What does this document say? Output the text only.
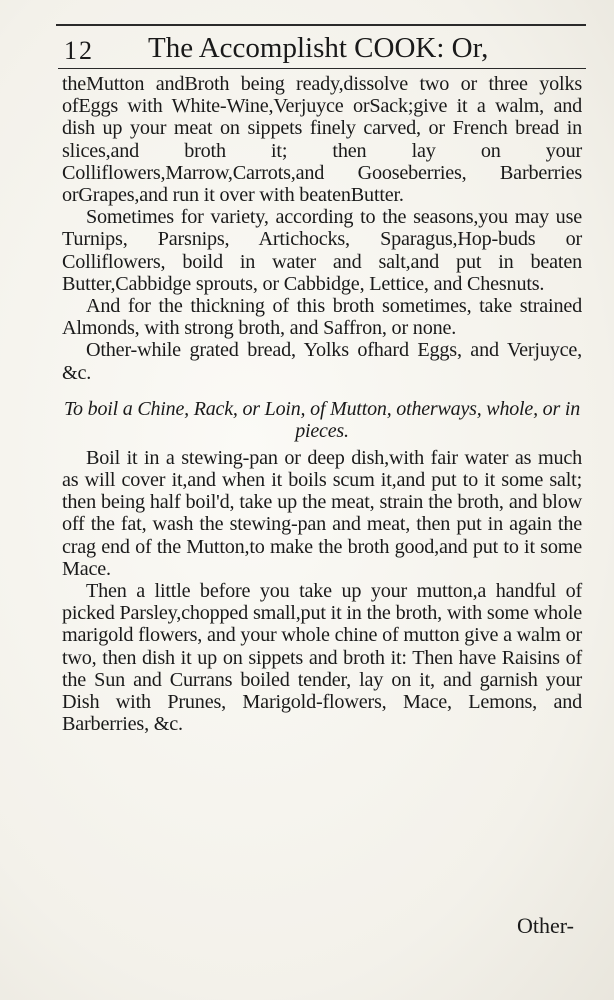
12 The Accomplisht COOK: Or,

theMutton andBroth being ready,dissolve two or three yolks ofEggs with White-Wine,Verjuyce orSack;give it a walm, and dish up your meat on sippets finely carved, or French bread in slices,and broth it; then lay on your Colliflowers,Marrow,Carrots,and Gooseberries, Barberries orGrapes,and run it over with beatenButter.

Sometimes for variety, according to the seasons,you may use Turnips, Parsnips, Artichocks, Sparagus,Hop-buds or Colliflowers, boild in water and salt,and put in beaten Butter,Cabbidge sprouts, or Cabbidge, Lettice, and Chesnuts.

And for the thickning of this broth sometimes, take strained Almonds, with strong broth, and Saffron, or none.

Other-while grated bread, Yolks ofhard Eggs, and Verjuyce, &c.

To boil a Chine, Rack, or Loin, of Mutton, otherways, whole, or in pieces.

Boil it in a stewing-pan or deep dish,with fair water as much as will cover it,and when it boils scum it,and put to it some salt; then being half boil'd, take up the meat, strain the broth, and blow off the fat, wash the stewing-pan and meat, then put in again the crag end of the Mutton,to make the broth good,and put to it some Mace.

Then a little before you take up your mutton,a handful of picked Parsley,chopped small,put it in the broth, with some whole marigold flowers, and your whole chine of mutton give a walm or two, then dish it up on sippets and broth it: Then have Raisins of the Sun and Currans boiled tender, lay on it, and garnish your Dish with Prunes, Marigold-flowers, Mace, Lemons, and Barberries, &c.

Other-
